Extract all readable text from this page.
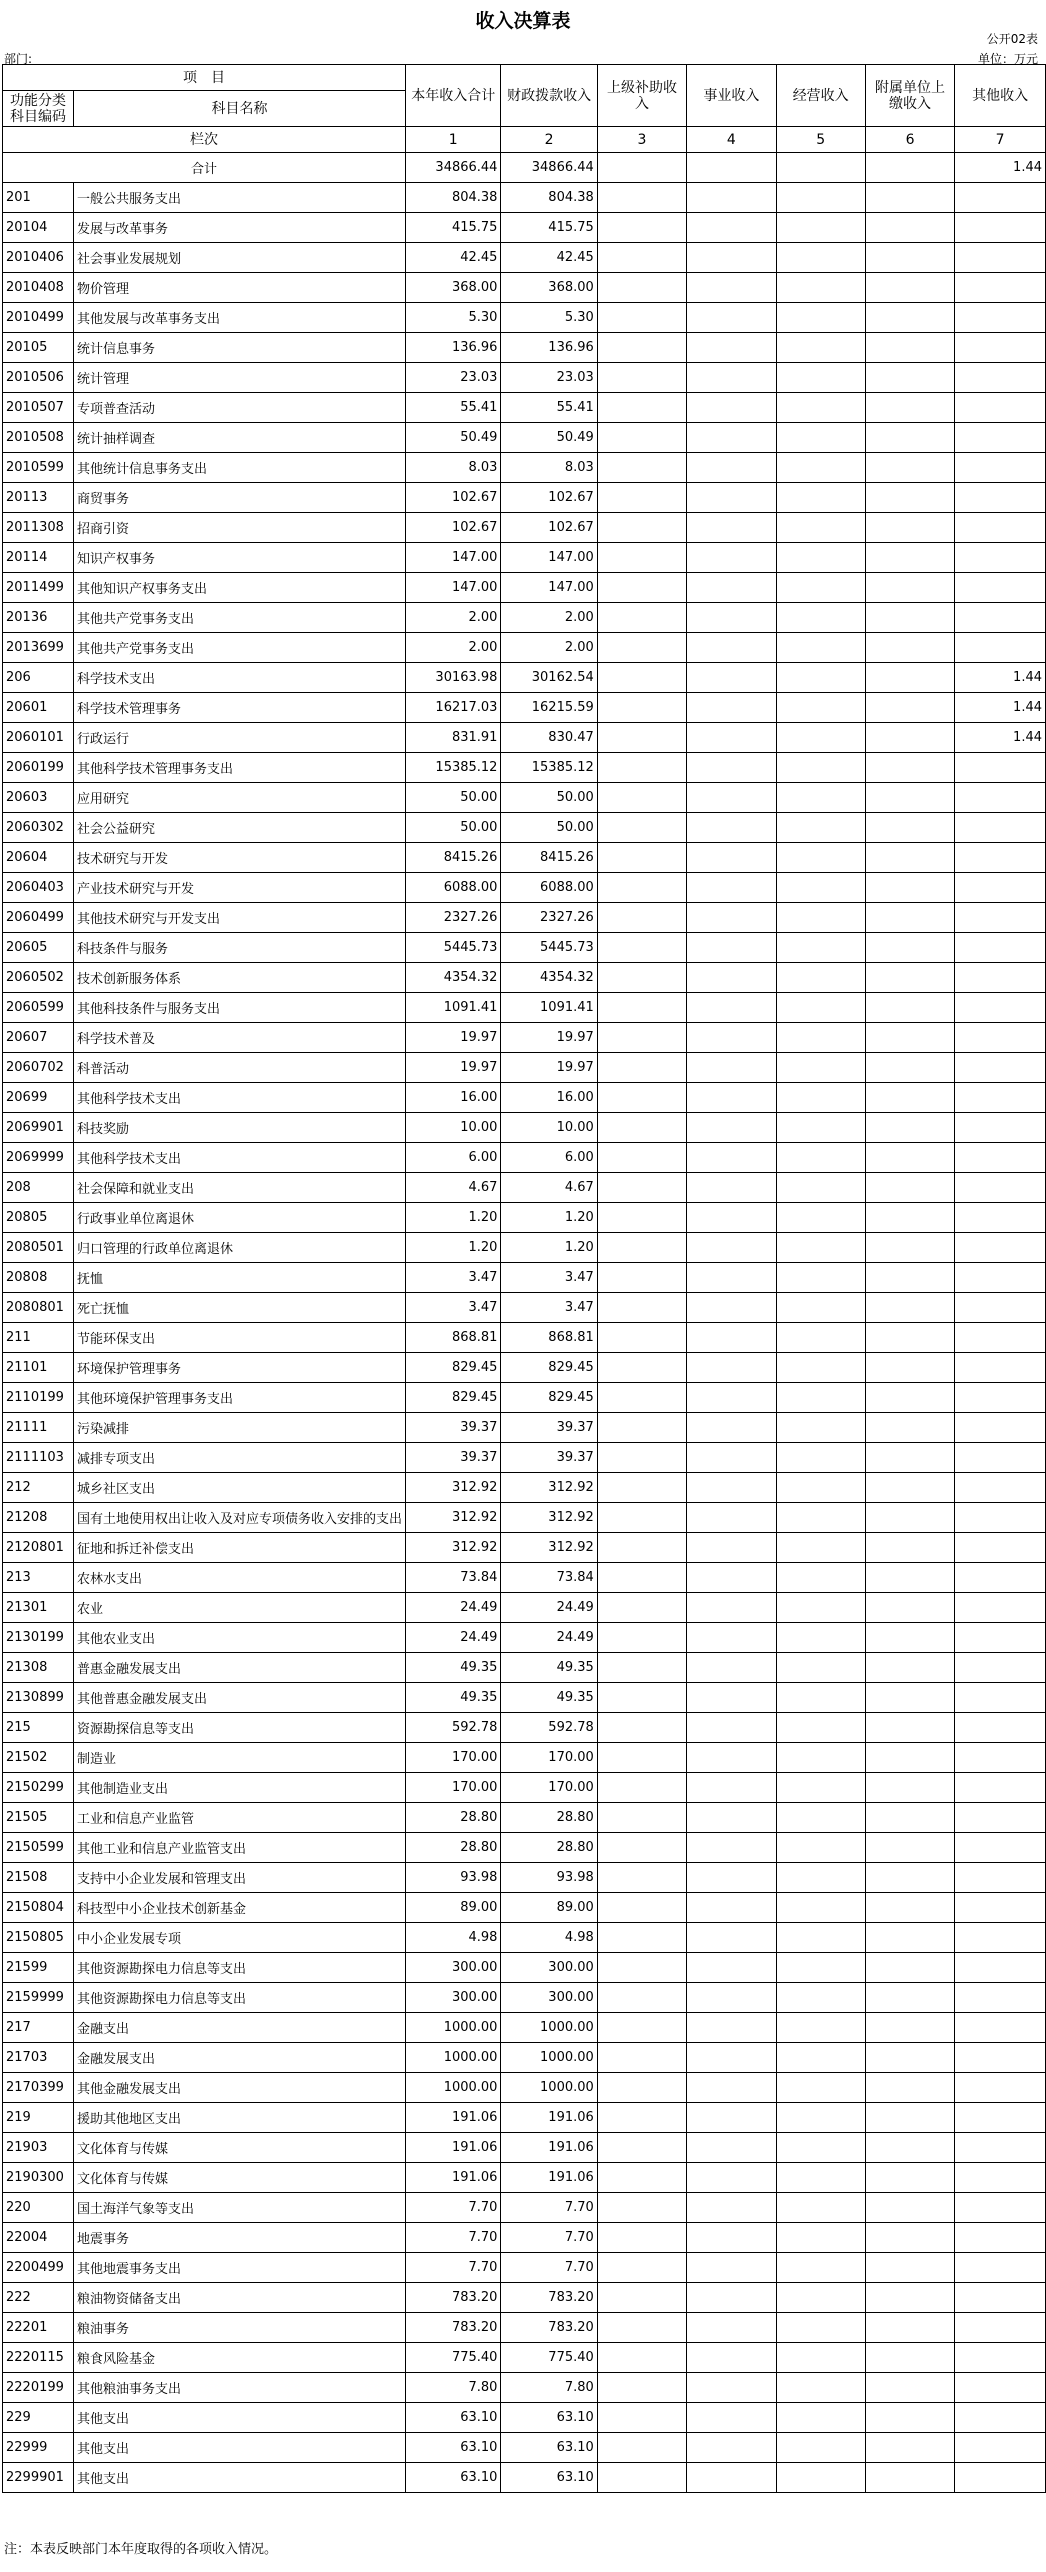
收入决算表
公开02表
部门:	单位：万元
项　目		本年收入合计	财政拨款收入	上级补助收入	事业收入	经营收入	附属单位上缴收入	其他收入
功能分类科目编码	科目名称							
栏次		1	2	3	4	5	6	7
合计		34866.44	34866.44					1.44
201	一般公共服务支出	804.38	804.38					
20104	发展与改革事务	415.75	415.75					
2010406	社会事业发展规划	42.45	42.45					
2010408	物价管理	368.00	368.00					
2010499	其他发展与改革事务支出	5.30	5.30					
20105	统计信息事务	136.96	136.96					
2010506	统计管理	23.03	23.03					
2010507	专项普查活动	55.41	55.41					
2010508	统计抽样调查	50.49	50.49					
2010599	其他统计信息事务支出	8.03	8.03					
20113	商贸事务	102.67	102.67					
2011308	招商引资	102.67	102.67					
20114	知识产权事务	147.00	147.00					
2011499	其他知识产权事务支出	147.00	147.00					
20136	其他共产党事务支出	2.00	2.00					
2013699	其他共产党事务支出	2.00	2.00					
206	科学技术支出	30163.98	30162.54					1.44
20601	科学技术管理事务	16217.03	16215.59					1.44
2060101	行政运行	831.91	830.47					1.44
2060199	其他科学技术管理事务支出	15385.12	15385.12					
20603	应用研究	50.00	50.00					
2060302	社会公益研究	50.00	50.00					
20604	技术研究与开发	8415.26	8415.26					
2060403	产业技术研究与开发	6088.00	6088.00					
2060499	其他技术研究与开发支出	2327.26	2327.26					
20605	科技条件与服务	5445.73	5445.73					
2060502	技术创新服务体系	4354.32	4354.32					
2060599	其他科技条件与服务支出	1091.41	1091.41					
20607	科学技术普及	19.97	19.97					
2060702	科普活动	19.97	19.97					
20699	其他科学技术支出	16.00	16.00					
2069901	科技奖励	10.00	10.00					
2069999	其他科学技术支出	6.00	6.00					
208	社会保障和就业支出	4.67	4.67					
20805	行政事业单位离退休	1.20	1.20					
2080501	归口管理的行政单位离退休	1.20	1.20					
20808	抚恤	3.47	3.47					
2080801	死亡抚恤	3.47	3.47					
211	节能环保支出	868.81	868.81					
21101	环境保护管理事务	829.45	829.45					
2110199	其他环境保护管理事务支出	829.45	829.45					
21111	污染减排	39.37	39.37					
2111103	减排专项支出	39.37	39.37					
212	城乡社区支出	312.92	312.92					
21208	国有土地使用权出让收入及对应专项债务收入安排的支出	312.92	312.92					
2120801	征地和拆迁补偿支出	312.92	312.92					
213	农林水支出	73.84	73.84					
21301	农业	24.49	24.49					
2130199	其他农业支出	24.49	24.49					
21308	普惠金融发展支出	49.35	49.35					
2130899	其他普惠金融发展支出	49.35	49.35					
215	资源勘探信息等支出	592.78	592.78					
21502	制造业	170.00	170.00					
2150299	其他制造业支出	170.00	170.00					
21505	工业和信息产业监管	28.80	28.80					
2150599	其他工业和信息产业监管支出	28.80	28.80					
21508	支持中小企业发展和管理支出	93.98	93.98					
2150804	科技型中小企业技术创新基金	89.00	89.00					
2150805	中小企业发展专项	4.98	4.98					
21599	其他资源勘探电力信息等支出	300.00	300.00					
2159999	其他资源勘探电力信息等支出	300.00	300.00					
217	金融支出	1000.00	1000.00					
21703	金融发展支出	1000.00	1000.00					
2170399	其他金融发展支出	1000.00	1000.00					
219	援助其他地区支出	191.06	191.06					
21903	文化体育与传媒	191.06	191.06					
2190300	文化体育与传媒	191.06	191.06					
220	国土海洋气象等支出	7.70	7.70					
22004	地震事务	7.70	7.70					
2200499	其他地震事务支出	7.70	7.70					
222	粮油物资储备支出	783.20	783.20					
22201	粮油事务	783.20	783.20					
2220115	粮食风险基金	775.40	775.40					
2220199	其他粮油事务支出	7.80	7.80					
229	其他支出	63.10	63.10					
22999	其他支出	63.10	63.10					
2299901	其他支出	63.10	63.10					
注：本表反映部门本年度取得的各项收入情况。
